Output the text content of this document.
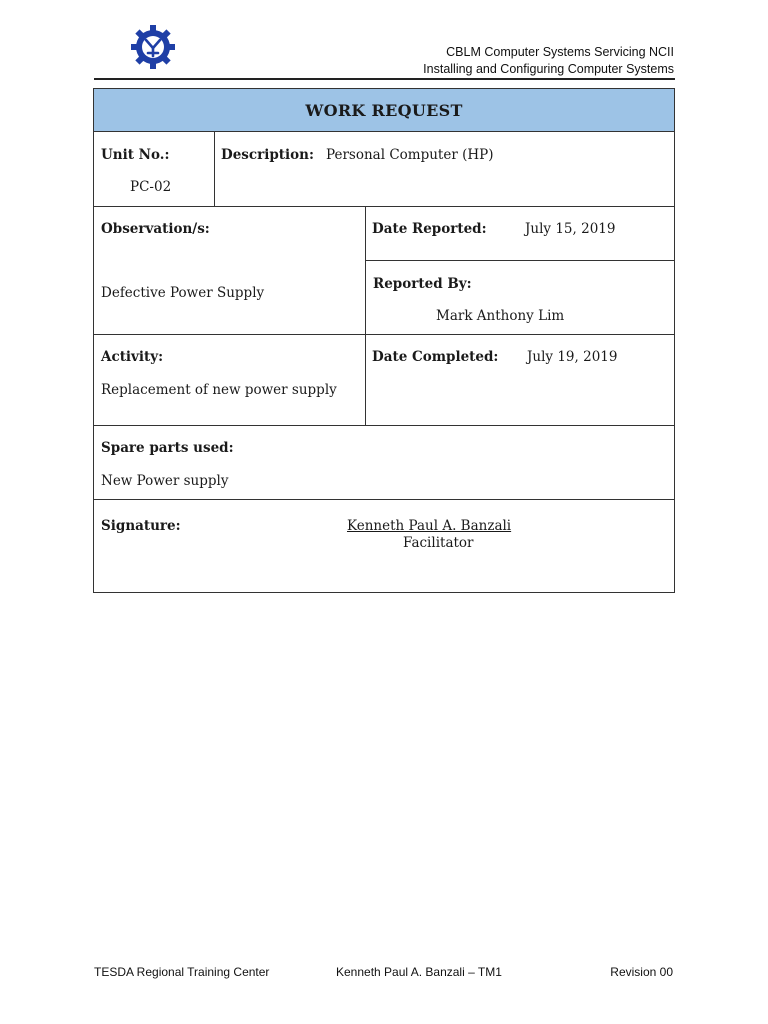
CBLM Computer Systems Servicing NCII
Installing and Configuring Computer Systems
WORK REQUEST
Unit No.:
PC-02
Description: Personal Computer (HP)
Observation/s:
Defective Power Supply
Date Reported:	July 15, 2019
Reported By:
Mark Anthony Lim
Activity:
Replacement of new power supply
Date Completed: July 19, 2019
Spare parts used:
New Power supply
Signature:	Kenneth Paul A. Banzali
Facilitator
TESDA Regional Training Center	Kenneth Paul A. Banzali – TM1	Revision 00
